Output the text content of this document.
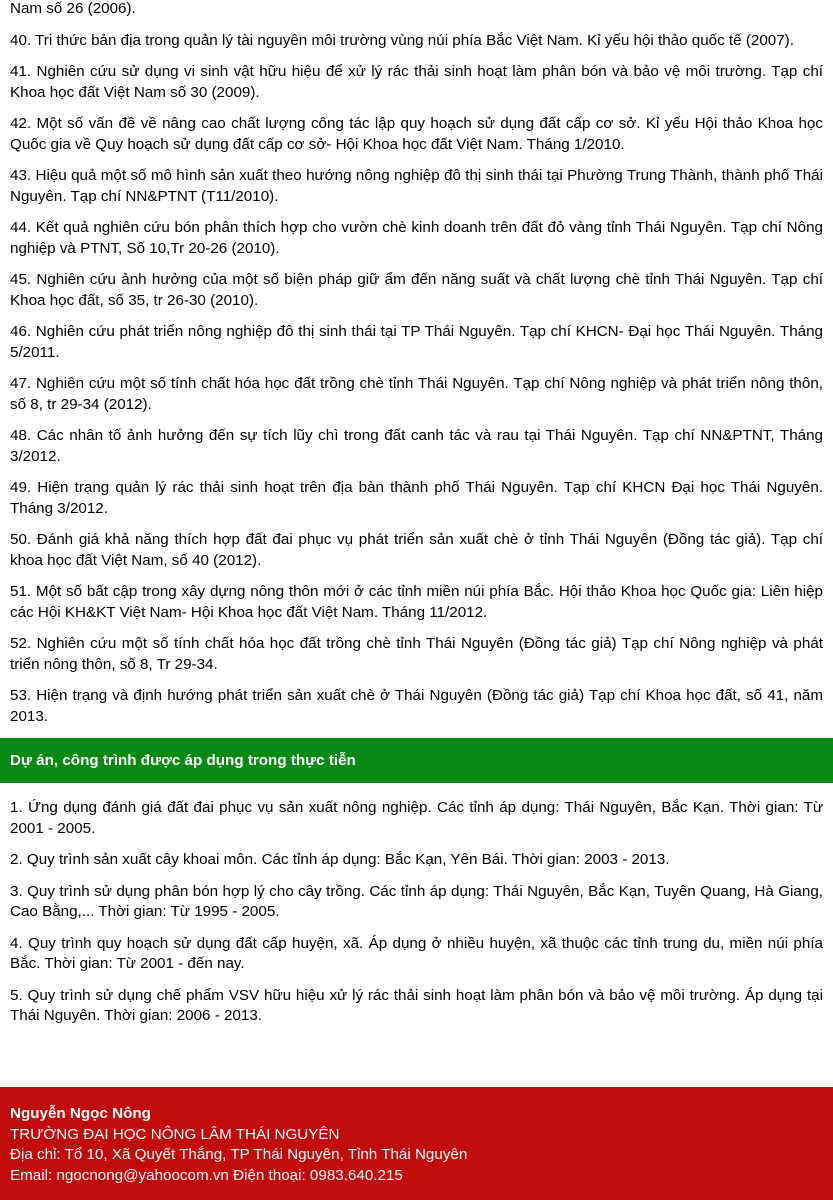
Nam số 26 (2006).

40. Tri thức bản địa trong quản lý tài nguyên môi trường vùng núi phía Bắc Việt Nam. Kỉ yếu hội thảo quốc tế (2007).

41. Nghiên cứu sử dụng vi sinh vật hữu hiệu để xử lý rác thải sinh hoạt làm phân bón và bảo vệ môi trường. Tạp chí Khoa học đất Việt Nam số 30 (2009).

42. Một số vấn đề về nâng cao chất lượng công tác lập quy hoạch sử dụng đất cấp cơ sở. Kỉ yếu Hội thảo Khoa học Quốc gia về Quy hoạch sử dụng đất cấp cơ sở- Hội Khoa học đất Việt Nam. Tháng 1/2010.

43. Hiệu quả một số mô hình sản xuất theo hướng nông nghiệp đô thị sinh thái tại Phường Trung Thành, thành phố Thái Nguyên. Tạp chí NN&PTNT (T11/2010).

44. Kết quả nghiên cứu bón phân thích hợp cho vườn chè kinh doanh trên đất đỏ vàng tỉnh Thái Nguyên. Tạp chí Nông nghiệp và PTNT, Số 10,Tr 20-26 (2010).

45. Nghiên cứu ảnh hưởng của một số biện pháp giữ ẩm đến năng suất và chất lượng chè tỉnh Thái Nguyên. Tạp chí Khoa học đất, số 35, tr 26-30 (2010).

46. Nghiên cứu phát triển nông nghiệp đô thị sinh thái tại TP Thái Nguyên. Tạp chí KHCN- Đại học Thái Nguyên. Tháng 5/2011.

47. Nghiên cứu một số tính chất hóa học đất trồng chè tỉnh Thái Nguyên. Tạp chí Nông nghiệp và phát triển nông thôn, số 8, tr 29-34 (2012).

48. Các nhân tố ảnh hưởng đến sự tích lũy chì trong đất canh tác và rau tại Thái Nguyên. Tạp chí NN&PTNT, Tháng 3/2012.

49. Hiện trạng quản lý rác thải sinh hoạt trên địa bàn thành phố Thái Nguyên. Tạp chí KHCN Đại học Thái Nguyên. Tháng 3/2012.

50. Đánh giá khả năng thích hợp đất đai phục vụ phát triển sản xuất chè ở tỉnh Thái Nguyên (Đồng tác giả). Tạp chí khoa học đất Việt Nam, số 40 (2012).

51. Một số bất cập trong xây dựng nông thôn mới ở các tỉnh miền núi phía Bắc. Hội thảo Khoa học Quốc gia: Liên hiệp các Hội KH&KT Việt Nam- Hội Khoa học đất Việt Nam. Tháng 11/2012.

52. Nghiên cứu một số tính chất hóa học đất trồng chè tỉnh Thái Nguyên (Đồng tác giả) Tạp chí Nông nghiệp và phát triển nông thôn, số 8, Tr 29-34.

53. Hiện trạng và định hướng phát triển sản xuất chè ở Thái Nguyên (Đồng tác giả) Tạp chí Khoa học đất, số 41, năm 2013.

Dự án, công trình được áp dụng trong thực tiễn

1. Ứng dụng đánh giá đất đai phục vụ sản xuất nông nghiệp. Các tỉnh áp dụng: Thái Nguyên, Bắc Kạn. Thời gian: Từ 2001 - 2005.

2. Quy trình sản xuất cây khoai môn. Các tỉnh áp dụng: Bắc Kạn, Yên Bái. Thời gian: 2003 - 2013.

3. Quy trình sử dụng phân bón hợp lý cho cây trồng. Các tỉnh áp dụng: Thái Nguyên, Bắc Kạn, Tuyên Quang, Hà Giang, Cao Bằng,... Thời gian: Từ 1995 - 2005.

4. Quy trình quy hoạch sử dụng đất cấp huyện, xã. Áp dụng ở nhiều huyện, xã thuộc các tỉnh trung du, miền núi phía Bắc. Thời gian: Từ 2001 - đến nay.

5. Quy trình sử dụng chế phẩm VSV hữu hiệu xử lý rác thải sinh hoạt làm phân bón và bảo vệ môi trường. Áp dụng tại Thái Nguyên. Thời gian: 2006 - 2013.

Nguyễn Ngọc Nông
TRƯỜNG ĐẠI HỌC NÔNG LÂM THÁI NGUYÊN
Địa chỉ: Tổ 10, Xã Quyết Thắng, TP Thái Nguyên, Tỉnh Thái Nguyên
Email: ngocnong@yahoocom.vn Điện thoại: 0983.640.215
